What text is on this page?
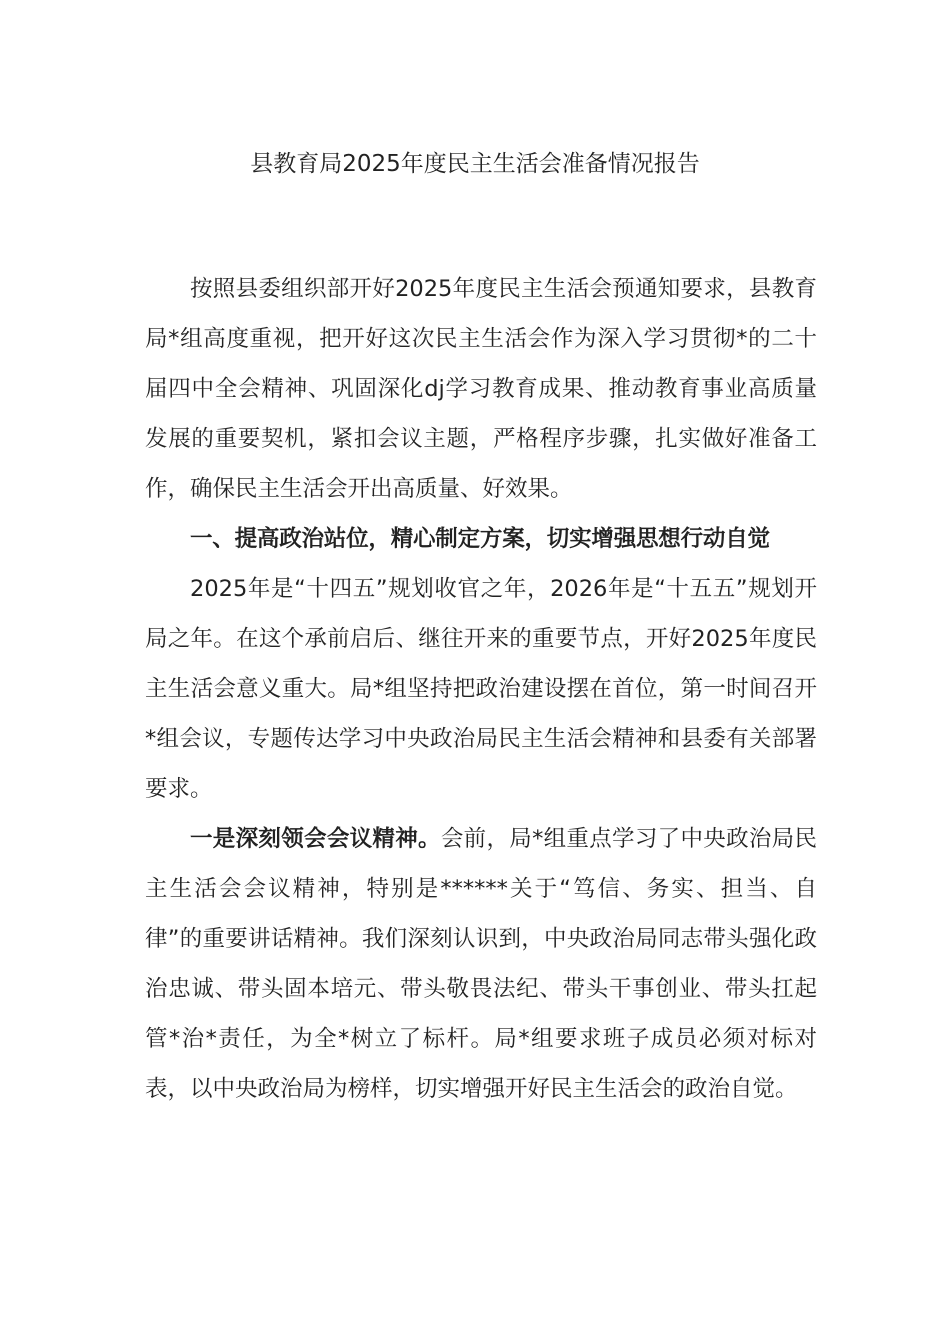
县教育局2025年度民主生活会准备情况报告

按照县委组织部开好2025年度民主生活会预通知要求，县教育局*组高度重视，把开好这次民主生活会作为深入学习贯彻*的二十届四中全会精神、巩固深化dj学习教育成果、推动教育事业高质量发展的重要契机，紧扣会议主题，严格程序步骤，扎实做好准备工作，确保民主生活会开出高质量、好效果。

一、提高政治站位，精心制定方案，切实增强思想行动自觉

2025年是“十四五”规划收官之年，2026年是“十五五”规划开局之年。在这个承前启后、继往开来的重要节点，开好2025年度民主生活会意义重大。局*组坚持把政治建设摆在首位，第一时间召开*组会议，专题传达学习中央政治局民主生活会精神和县委有关部署要求。

一是深刻领会会议精神。会前，局*组重点学习了中央政治局民主生活会会议精神，特别是******关于“笃信、务实、担当、自律”的重要讲话精神。我们深刻认识到，中央政治局同志带头强化政治忠诚、带头固本培元、带头敬畏法纪、带头干事创业、带头扛起管*治*责任，为全*树立了标杆。局*组要求班子成员必须对标对表，以中央政治局为榜样，切实增强开好民主生活会的政治自觉。
